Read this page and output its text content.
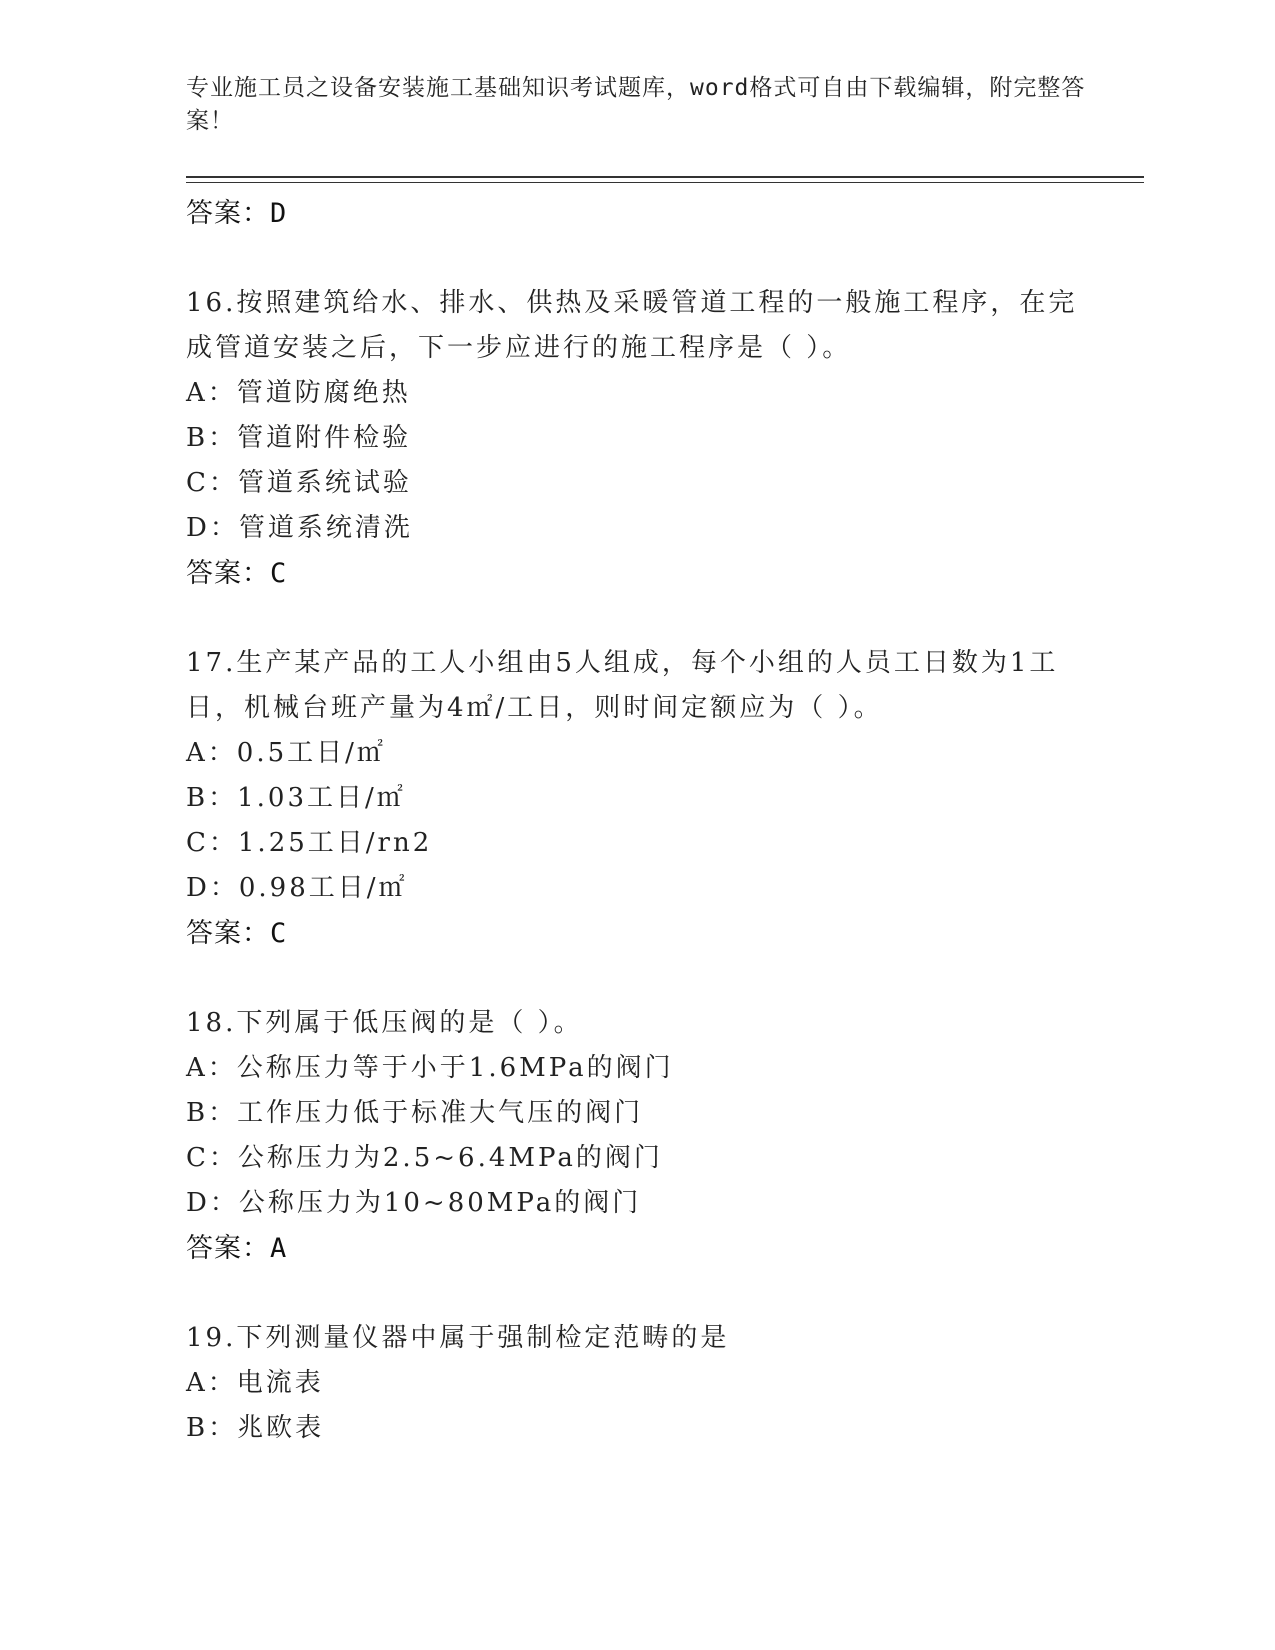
专业施工员之设备安装施工基础知识考试题库，word格式可自由下载编辑，附完整答案！
答案：D
16.按照建筑给水、排水、供热及采暖管道工程的一般施工程序，在完成管道安装之后，下一步应进行的施工程序是（ ）。
A：管道防腐绝热
B：管道附件检验
C：管道系统试验
D：管道系统清洗
答案：C
17.生产某产品的工人小组由5人组成，每个小组的人员工日数为1工日，机械台班产量为4㎡/工日，则时间定额应为（ ）。
A：0.5工日/㎡
B：1.03工日/㎡
C：1.25工日/rn2
D：0.98工日/㎡
答案：C
18.下列属于低压阀的是（ ）。
A：公称压力等于小于1.6MPa的阀门
B：工作压力低于标准大气压的阀门
C：公称压力为2.5~6.4MPa的阀门
D：公称压力为10~80MPa的阀门
答案：A
19.下列测量仪器中属于强制检定范畴的是
A：电流表
B：兆欧表
